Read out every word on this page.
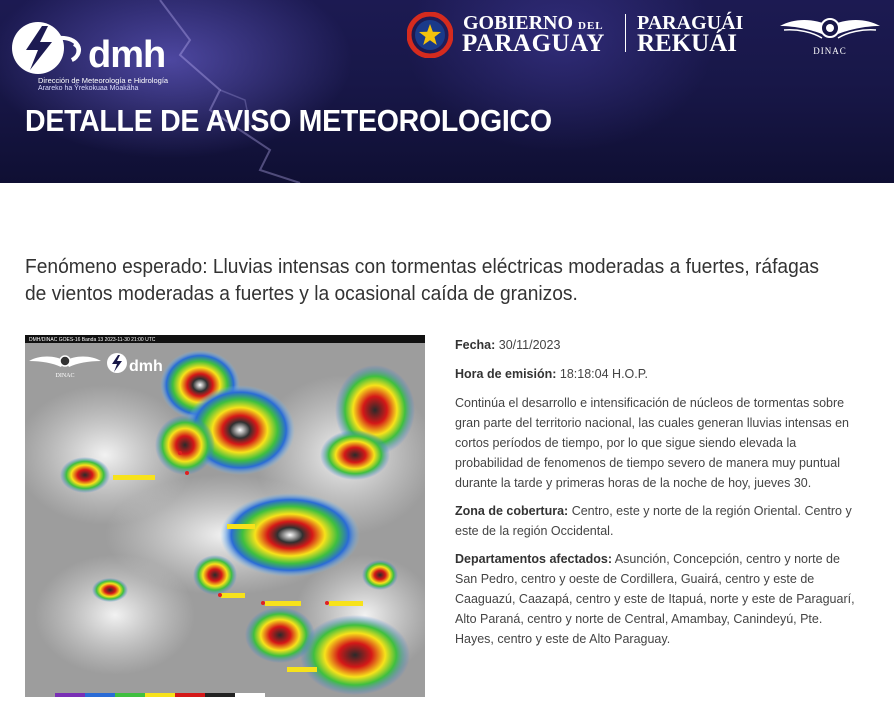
dmh
Dirección de Meteorología e Hidrología
Arareko ha Ỹrekokuaa Moakãha
GOBIERNO DEL
PARAGUAY
PARAGUÁI
REKUÁI	DINAC
DETALLE DE AVISO METEOROLOGICO

Fenómeno esperado: Lluvias intensas con tormentas eléctricas moderadas a fuertes, ráfagas de vientos moderadas a fuertes y la ocasional caída de granizos.

DMH/DINAC GOES-16 Banda 13 2023-11-30 21:00 UTC
DINAC
dmh
Fecha: 30/11/2023
Hora de emisión: 18:18:04 H.O.P.

Continúa el desarrollo e intensificación de núcleos de tormentas sobre gran parte del territorio nacional, las cuales generan lluvias intensas en cortos períodos de tiempo, por lo que sigue siendo elevada la probabilidad de fenomenos de tiempo severo de manera muy puntual durante la tarde y primeras horas de la noche de hoy, jueves 30.

Zona de cobertura: Centro, este y norte de la región Oriental. Centro y este de la región Occidental.

Departamentos afectados: Asunción, Concepción, centro y norte de San Pedro, centro y oeste de Cordillera, Guairá, centro y este de Caaguazú, Caazapá, centro y este de Itapuá, norte y este de Paraguarí, Alto Paraná, centro y norte de Central, Amambay, Canindeyú, Pte. Hayes, centro y este de Alto Paraguay.
